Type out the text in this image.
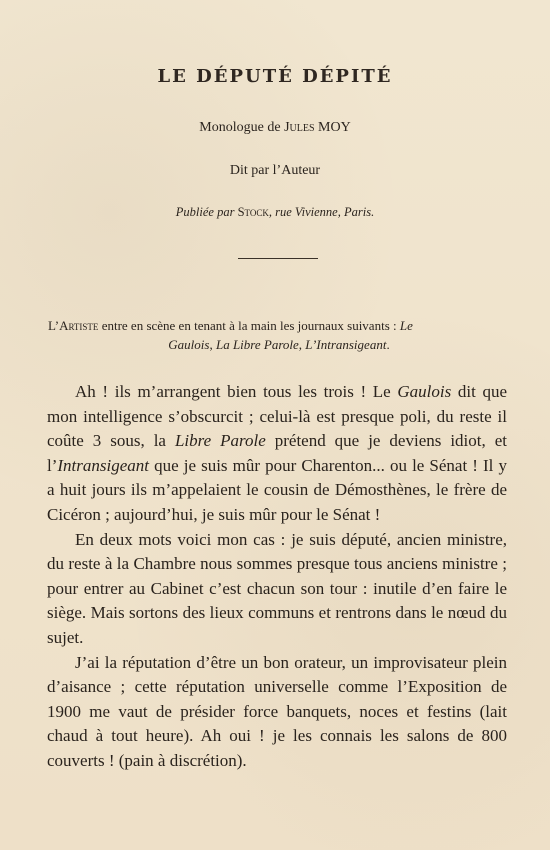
LE DÉPUTÉ DÉPITÉ
Monologue de Jules MOY
Dit par l’Auteur
Publiée par Stock, rue Vivienne, Paris.
L’Artiste entre en scène en tenant à la main les journaux suivants : Le
Gaulois, La Libre Parole, L’Intransigeant.

Ah ! ils m’arrangent bien tous les trois ! Le Gaulois dit que mon intelligence s’obscurcit ; celui-là est presque poli, du reste il coûte 3 sous, la Libre Parole prétend que je deviens idiot, et l’Intransigeant que je suis mûr pour Charenton... ou le Sénat ! Il y a huit jours ils m’appelaient le cousin de Démosthènes, le frère de Cicéron ; aujourd’hui, je suis mûr pour le Sénat !

En deux mots voici mon cas : je suis député, ancien ministre, du reste à la Chambre nous sommes presque tous anciens ministre ; pour entrer au Cabinet c’est chacun son tour : inutile d’en faire le siège. Mais sortons des lieux communs et rentrons dans le nœud du sujet.

J’ai la réputation d’être un bon orateur, un improvisateur plein d’aisance ; cette réputation universelle comme l’Exposition de 1900 me vaut de présider force banquets, noces et festins (lait chaud à tout heure). Ah oui ! je les connais les salons de 800 couverts ! (pain à discrétion).
